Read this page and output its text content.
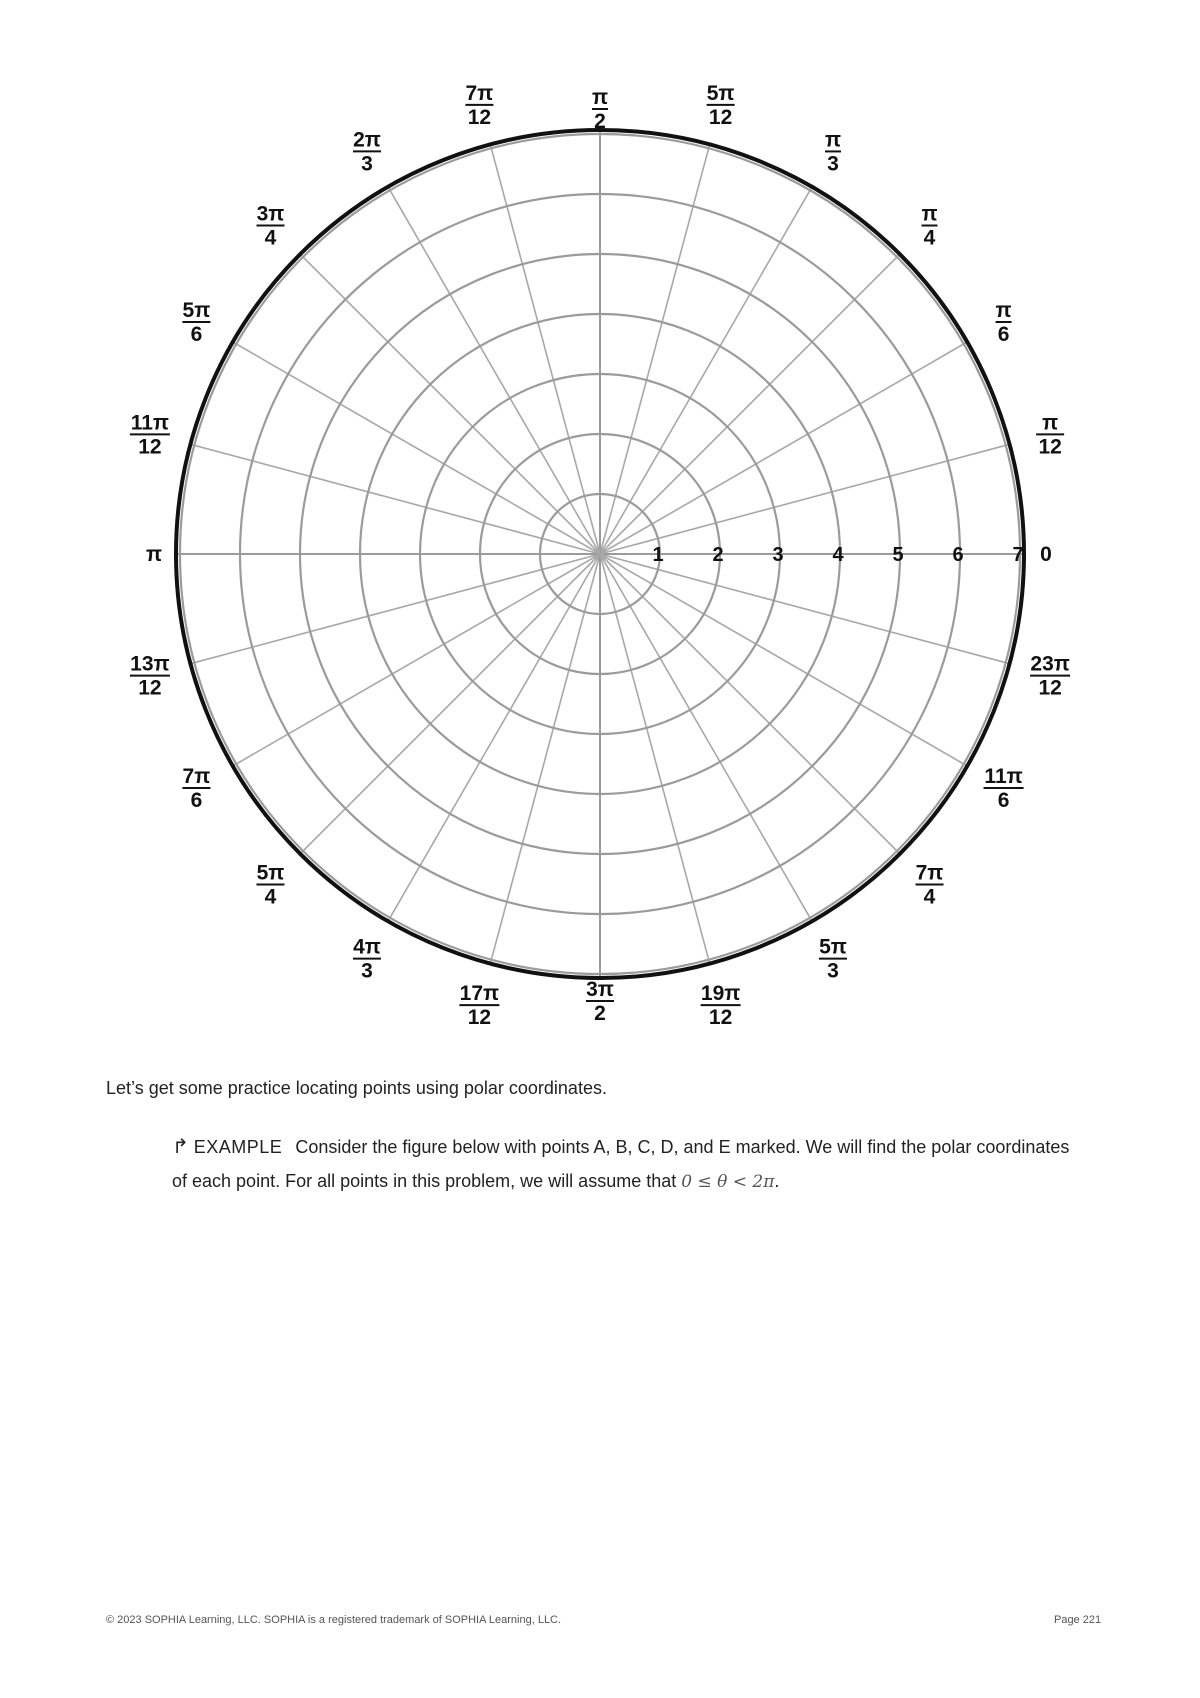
1 2 3 4 5 6 7
π
12
π
6
π
4
π
3
5π
12
π
2
7π
12
2π
3
3π
4
5π
6
11π
12
π
13π
12
7π
6
5π
4
4π
3
17π
12
3π
2
19π
12
5π
3
7π
4
11π
6
23π
12
0
Let’s get some practice locating points using polar coordinates.
↱ EXAMPLE Consider the figure below with points A, B, C, D, and E marked. We will find the polar coordinates of each point. For all points in this problem, we will assume that 0 ≤ θ < 2π.
© 2023 SOPHIA Learning, LLC. SOPHIA is a registered trademark of SOPHIA Learning, LLC.	Page 221
